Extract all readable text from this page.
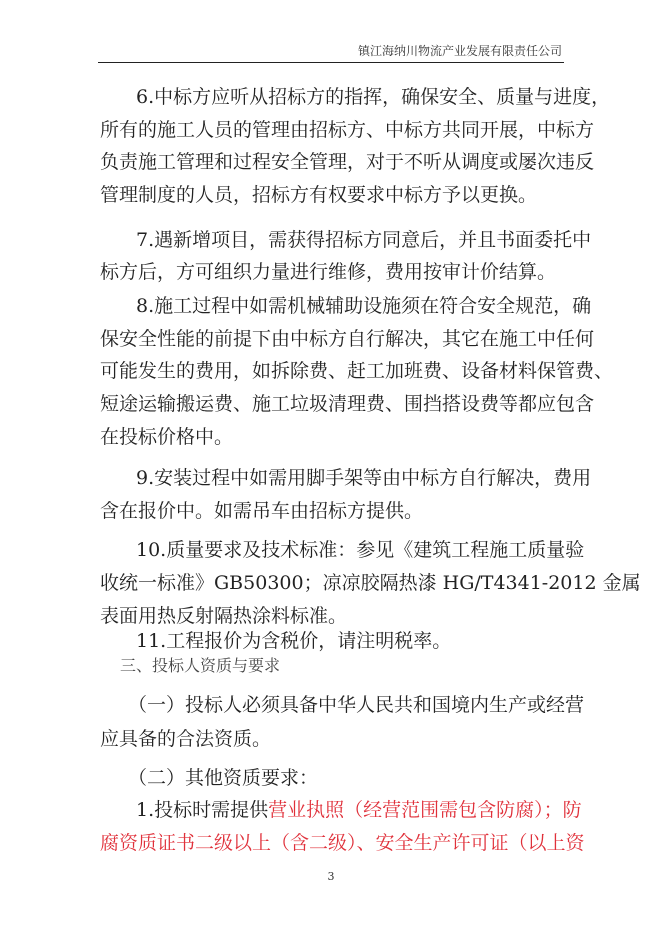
镇江海纳川物流产业发展有限责任公司
6.中标方应听从招标方的指挥，确保安全、质量与进度，
所有的施工人员的管理由招标方、中标方共同开展，中标方
负责施工管理和过程安全管理，对于不听从调度或屡次违反
管理制度的人员，招标方有权要求中标方予以更换。
7.遇新增项目，需获得招标方同意后，并且书面委托中
标方后，方可组织力量进行维修，费用按审计价结算。
8.施工过程中如需机械辅助设施须在符合安全规范，确
保安全性能的前提下由中标方自行解决，其它在施工中任何
可能发生的费用，如拆除费、赶工加班费、设备材料保管费、
短途运输搬运费、施工垃圾清理费、围挡搭设费等都应包含
在投标价格中。
9.安装过程中如需用脚手架等由中标方自行解决，费用
含在报价中。如需吊车由招标方提供。
10.质量要求及技术标准：参见《建筑工程施工质量验
收统一标准》GB50300；凉凉胶隔热漆 HG/T4341-2012 金属
表面用热反射隔热涂料标准。
11.工程报价为含税价，请注明税率。
三、投标人资质与要求
（一）投标人必须具备中华人民共和国境内生产或经营
应具备的合法资质。
（二）其他资质要求：
1.投标时需提供营业执照（经营范围需包含防腐）；防
腐资质证书二级以上（含二级）、安全生产许可证（以上资
3
